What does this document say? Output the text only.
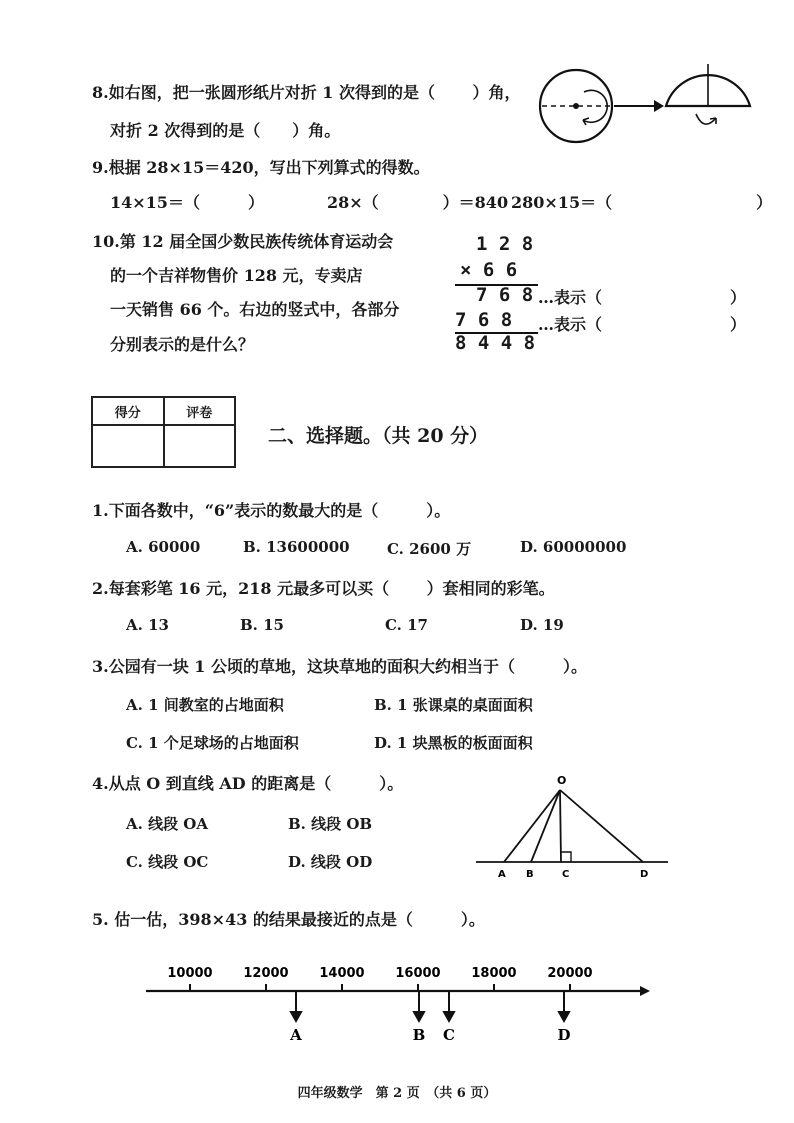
8.如右图，把一张圆形纸片对折 1 次得到的是（　　 ）角，
对折 2 次得到的是（　　）角。
9.根据 28×15＝420，写出下列算式的得数。
14×15＝（　　　）	28×（　　　　）＝840 280×15＝（　　　　　　　　　）
10.第 12 届全国少数民族传统体育运动会
的一个吉祥物售价 128 元，专卖店
一天销售 66 个。右边的竖式中，各部分
分别表示的是什么？
1 2 8
× 6 6
7 6 8 …表示（　　　　　　　　）
7 6 8 …表示（　　　　　　　　）
8 4 4 8
得分	评卷

二、选择题。（共 20 分）
1.下面各数中，“6”表示的数最大的是（　　　）。
A. 60000	B. 13600000 C. 2600 万	D. 60000000
2.每套彩笔 16 元，218 元最多可以买（　　 ）套相同的彩笔。
A. 13	B. 15	C. 17	D. 19
3.公园有一块 1 公顷的草地，这块草地的面积大约相当于（　　　）。
A. 1 间教室的占地面积	B. 1 张课桌的桌面面积
C. 1 个足球场的占地面积	D. 1 块黑板的板面面积
4.从点 O 到直线 AD 的距离是（　　　）。
A. 线段 OA	B. 线段 OB
C. 线段 OC	D. 线段 OD
O
A B	C	D
5. 估一估，398×43 的结果最接近的点是（　　　）。
10000 12000 14000 16000 18000 20000
A	B C	D
四年级数学　第 2 页　（共 6 页）
